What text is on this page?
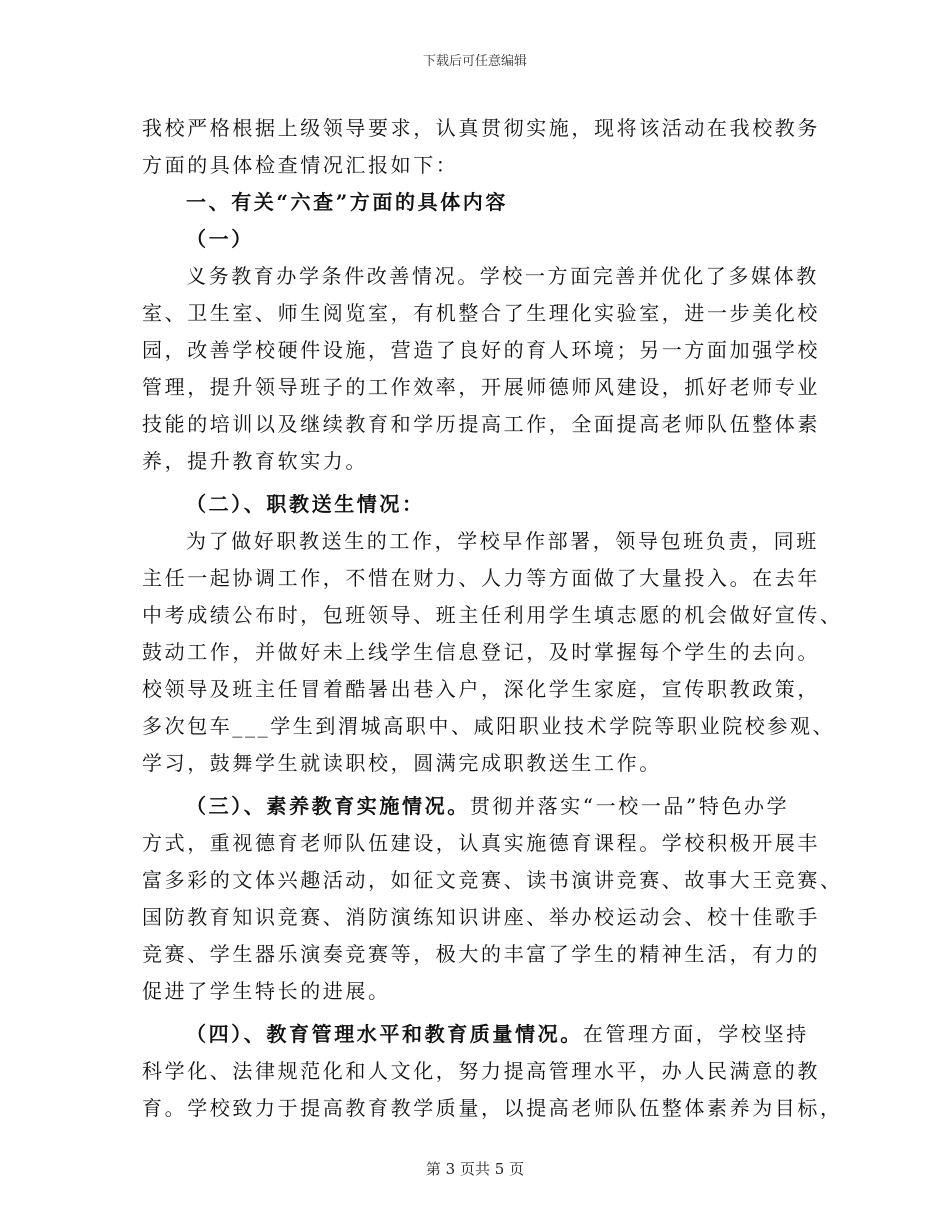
下载后可任意编辑
我校严格根据上级领导要求，认真贯彻实施，现将该活动在我校教务
方面的具体检查情况汇报如下：
一、有关“六查”方面的具体内容
（一）
义务教育办学条件改善情况。学校一方面完善并优化了多媒体教
室、卫生室、师生阅览室，有机整合了生理化实验室，进一步美化校
园，改善学校硬件设施，营造了良好的育人环境；另一方面加强学校
管理，提升领导班子的工作效率，开展师德师风建设，抓好老师专业
技能的培训以及继续教育和学历提高工作，全面提高老师队伍整体素
养，提升教育软实力。
（二）、职教送生情况：
为了做好职教送生的工作，学校早作部署，领导包班负责，同班
主任一起协调工作，不惜在财力、人力等方面做了大量投入。在去年
中考成绩公布时，包班领导、班主任利用学生填志愿的机会做好宣传、
鼓动工作，并做好未上线学生信息登记，及时掌握每个学生的去向。
校领导及班主任冒着酷暑出巷入户，深化学生家庭，宣传职教政策，
多次包车___学生到渭城高职中、咸阳职业技术学院等职业院校参观、
学习，鼓舞学生就读职校，圆满完成职教送生工作。
（三）、素养教育实施情况。贯彻并落实“一校一品”特色办学
方式，重视德育老师队伍建设，认真实施德育课程。学校积极开展丰
富多彩的文体兴趣活动，如征文竞赛、读书演讲竞赛、故事大王竞赛、
国防教育知识竞赛、消防演练知识讲座、举办校运动会、校十佳歌手
竞赛、学生器乐演奏竞赛等，极大的丰富了学生的精神生活，有力的
促进了学生特长的进展。
（四）、教育管理水平和教育质量情况。在管理方面，学校坚持
科学化、法律规范化和人文化，努力提高管理水平，办人民满意的教
育。学校致力于提高教育教学质量，以提高老师队伍整体素养为目标，
第 3 页共 5 页
